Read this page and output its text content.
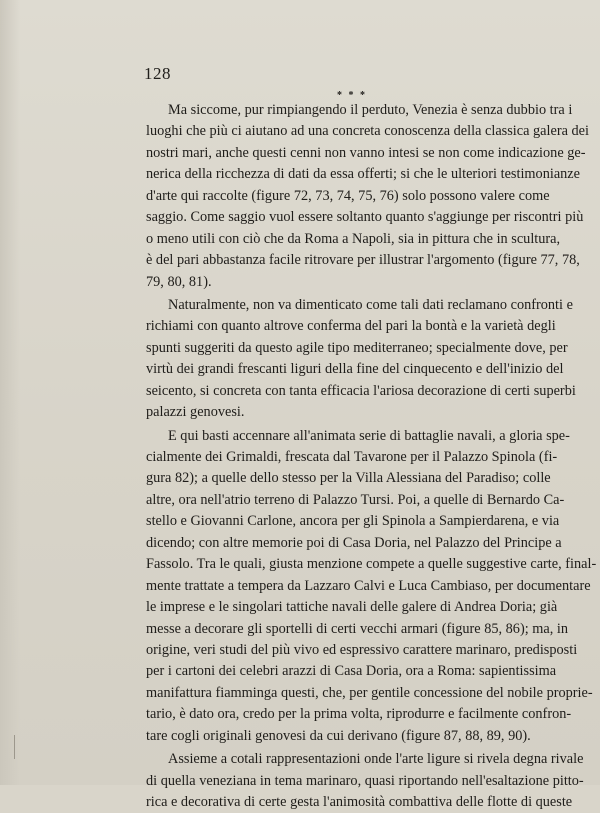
128
* * *
Ma siccome, pur rimpiangendo il perduto, Venezia è senza dubbio tra i
luoghi che più ci aiutano ad una concreta conoscenza della classica galera dei
nostri mari, anche questi cenni non vanno intesi se non come indicazione ge-
nerica della ricchezza di dati da essa offerti; si che le ulteriori testimonianze
d'arte qui raccolte (figure 72, 73, 74, 75, 76) solo possono valere come
saggio. Come saggio vuol essere soltanto quanto s'aggiunge per riscontri più
o meno utili con ciò che da Roma a Napoli, sia in pittura che in scultura,
è del pari abbastanza facile ritrovare per illustrar l'argomento (figure 77, 78,
79, 80, 81).
Naturalmente, non va dimenticato come tali dati reclamano confronti e
richiami con quanto altrove conferma del pari la bontà e la varietà degli
spunti suggeriti da questo agile tipo mediterraneo; specialmente dove, per
virtù dei grandi frescanti liguri della fine del cinquecento e dell'inizio del
seicento, si concreta con tanta efficacia l'ariosa decorazione di certi superbi
palazzi genovesi.
E qui basti accennare all'animata serie di battaglie navali, a gloria spe-
cialmente dei Grimaldi, frescata dal Tavarone per il Palazzo Spinola (fi-
gura 82); a quelle dello stesso per la Villa Alessiana del Paradiso; colle
altre, ora nell'atrio terreno di Palazzo Tursi. Poi, a quelle di Bernardo Ca-
stello e Giovanni Carlone, ancora per gli Spinola a Sampierdarena, e via
dicendo; con altre memorie poi di Casa Doria, nel Palazzo del Principe a
Fassolo. Tra le quali, giusta menzione compete a quelle suggestive carte, final-
mente trattate a tempera da Lazzaro Calvi e Luca Cambiaso, per documentare
le imprese e le singolari tattiche navali delle galere di Andrea Doria; già
messe a decorare gli sportelli di certi vecchi armari (figure 85, 86); ma, in
origine, veri studi del più vivo ed espressivo carattere marinaro, predisposti
per i cartoni dei celebri arazzi di Casa Doria, ora a Roma: sapientissima
manifattura fiamminga questi, che, per gentile concessione del nobile proprie-
tario, è dato ora, credo per la prima volta, riprodurre e facilmente confron-
tare cogli originali genovesi da cui derivano (figure 87, 88, 89, 90).
Assieme a cotali rappresentazioni onde l'arte ligure si rivela degna rivale
di quella veneziana in tema marinaro, quasi riportando nell'esaltazione pitto-
rica e decorativa di certe gesta l'animosità combattiva delle flotte di queste
